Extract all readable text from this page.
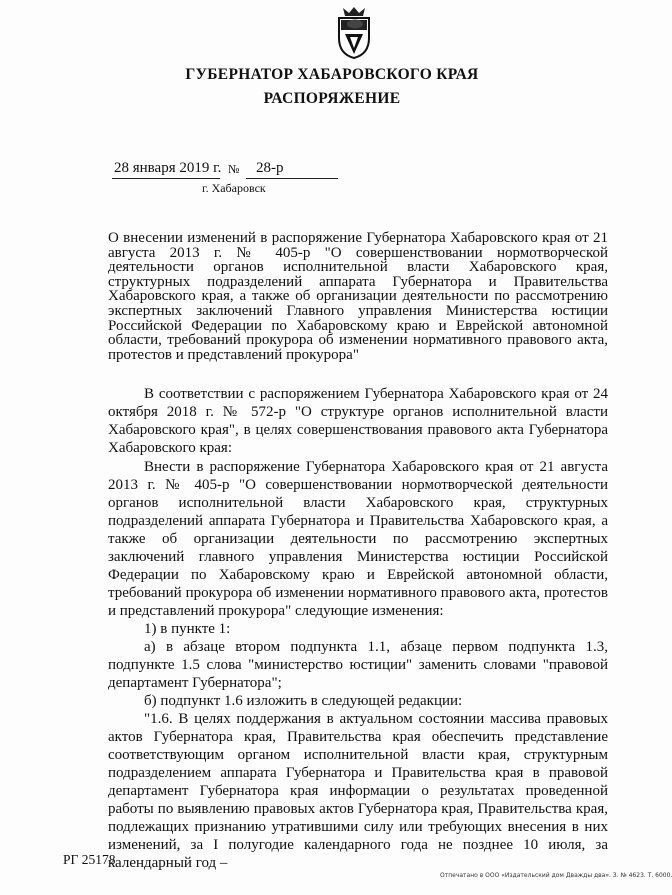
ГУБЕРНАТОР ХАБАРОВСКОГО КРАЯ
РАСПОРЯЖЕНИЕ
28 января 2019 г. № 28-р
г. Хабаровск
О внесении изменений в распоряжение Губернатора Хабаровского края от 21 августа 2013 г. № 405-р "О совершенствовании нормотворческой деятельности органов исполнительной власти Хабаровского края, структурных подразделений аппарата Губернатора и Правительства Хабаровского края, а также об организации деятельности по рассмотрению экспертных заключений Главного управления Министерства юстиции Российской Федерации по Хабаровскому краю и Еврейской автономной области, требований прокурора об изменении нормативного правового акта, протестов и представлений прокурора"

В соответствии с распоряжением Губернатора Хабаровского края от 24 октября 2018 г. № 572-р "О структуре органов исполнительной власти Хабаровского края", в целях совершенствования правового акта Губернатора Хабаровского края:

Внести в распоряжение Губернатора Хабаровского края от 21 августа 2013 г. № 405-р "О совершенствовании нормотворческой деятельности органов исполнительной власти Хабаровского края, структурных подразделений аппарата Губернатора и Правительства Хабаровского края, а также об организации деятельности по рассмотрению экспертных заключений главного управления Министерства юстиции Российской Федерации по Хабаровскому краю и Еврейской автономной области, требований прокурора об изменении нормативного правового акта, протестов и представлений прокурора" следующие изменения:

1) в пункте 1:

а) в абзаце втором подпункта 1.1, абзаце первом подпункта 1.3, подпункте 1.5 слова "министерство юстиции" заменить словами "правовой департамент Губернатора";

б) подпункт 1.6 изложить в следующей редакции:

"1.6. В целях поддержания в актуальном состоянии массива правовых актов Губернатора края, Правительства края обеспечить представление соответствующим органом исполнительной власти края, структурным подразделением аппарата Губернатора и Правительства края в правовой департамент Губернатора края информации о результатах проведенной работы по выявлению правовых актов Губернатора края, Правительства края, подлежащих признанию утратившими силу или требующих внесения в них изменений, за I полугодие календарного года не позднее 10 июля, за календарный год –

РГ 25178
Отпечатано в ООО «Издательский дом Дважды два». З. № 4623. Т. 6000.
